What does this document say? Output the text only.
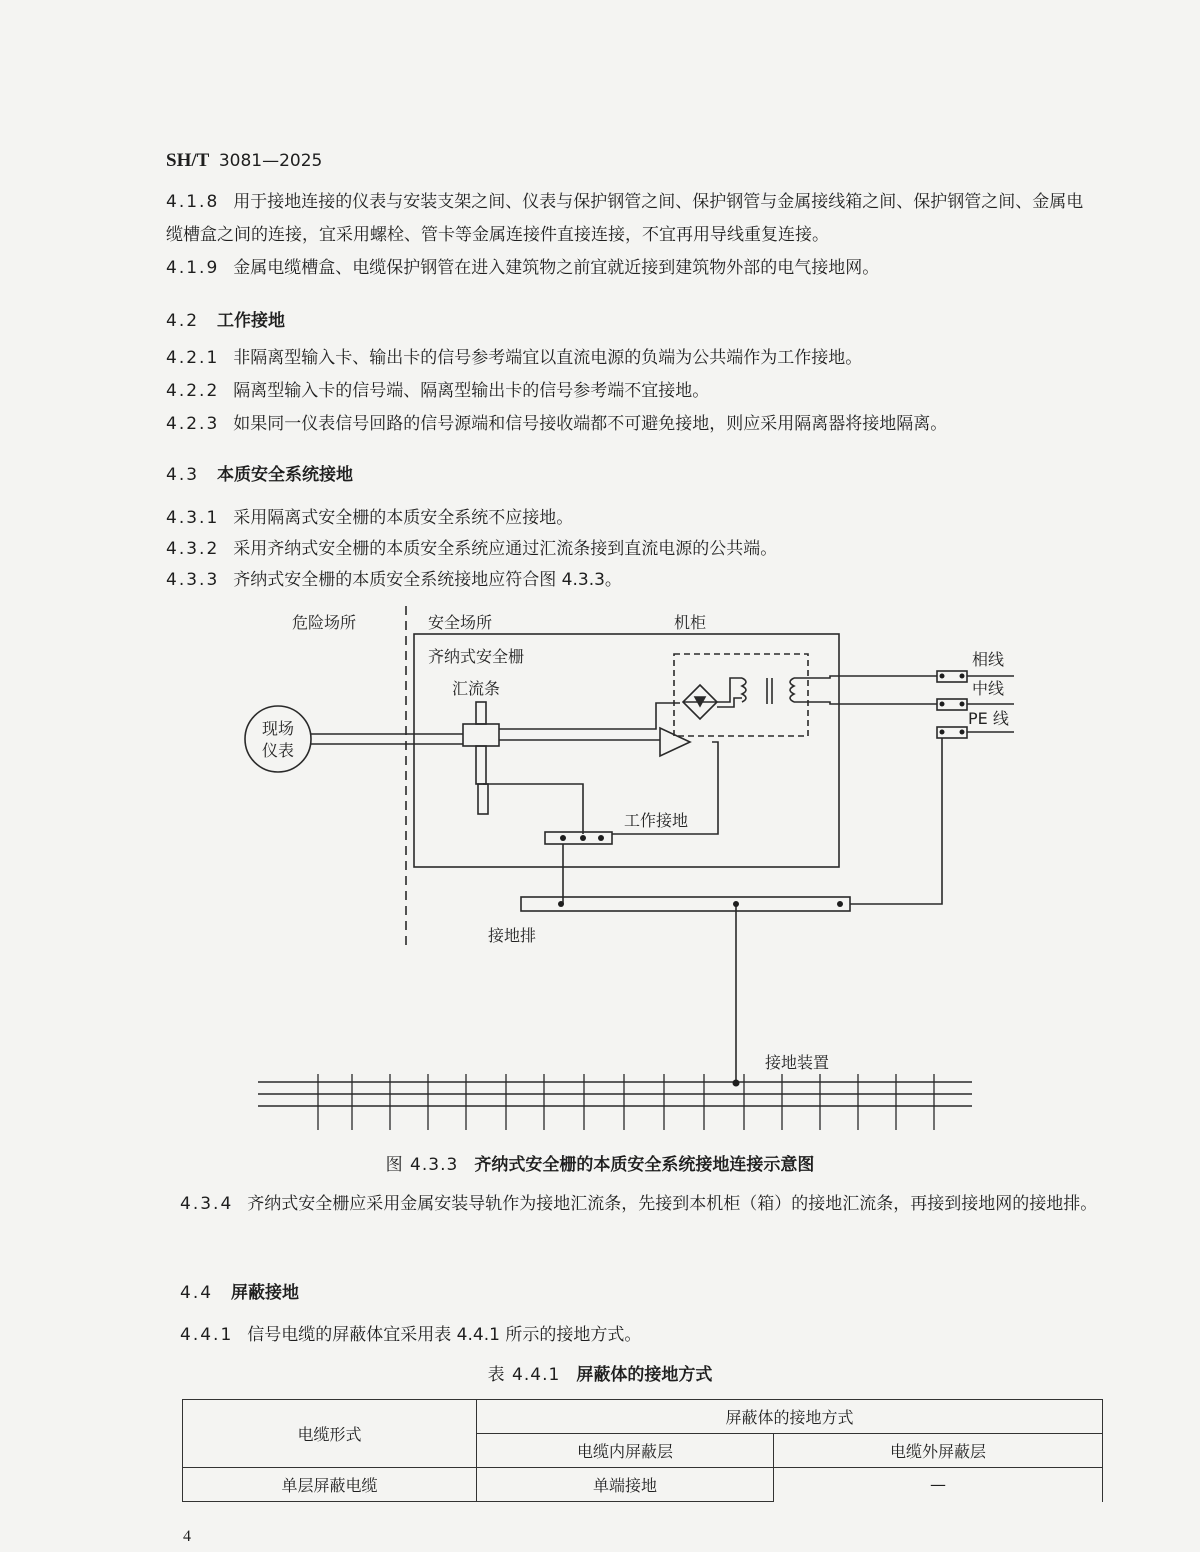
SH/T 3081—2025

4.1.8 用于接地连接的仪表与安装支架之间、仪表与保护钢管之间、保护钢管与金属接线箱之间、保护钢管之间、金属电缆槽盒之间的连接，宜采用螺栓、管卡等金属连接件直接连接，不宜再用导线重复连接。

4.1.9 金属电缆槽盒、电缆保护钢管在进入建筑物之前宜就近接到建筑物外部的电气接地网。

4.2 工作接地

4.2.1 非隔离型输入卡、输出卡的信号参考端宜以直流电源的负端为公共端作为工作接地。

4.2.2 隔离型输入卡的信号端、隔离型输出卡的信号参考端不宜接地。

4.2.3 如果同一仪表信号回路的信号源端和信号接收端都不可避免接地，则应采用隔离器将接地隔离。

4.3 本质安全系统接地

4.3.1 采用隔离式安全栅的本质安全系统不应接地。

4.3.2 采用齐纳式安全栅的本质安全系统应通过汇流条接到直流电源的公共端。

4.3.3 齐纳式安全栅的本质安全系统接地应符合图 4.3.3。

危险场所	安全场所	机柜
齐纳式安全栅
汇流条
现场
仪表
相线
中线
PE 线
工作接地
接地排
接地装置
图 4.3.3 齐纳式安全栅的本质安全系统接地连接示意图

4.3.4 齐纳式安全栅应采用金属安装导轨作为接地汇流条，先接到本机柜（箱）的接地汇流条，再接到接地网的接地排。

4.4 屏蔽接地

4.4.1 信号电缆的屏蔽体宜采用表 4.4.1 所示的接地方式。

表 4.4.1 屏蔽体的接地方式
电缆形式	屏蔽体的接地方式	
	电缆内屏蔽层	电缆外屏蔽层
单层屏蔽电缆	单端接地	—
4
